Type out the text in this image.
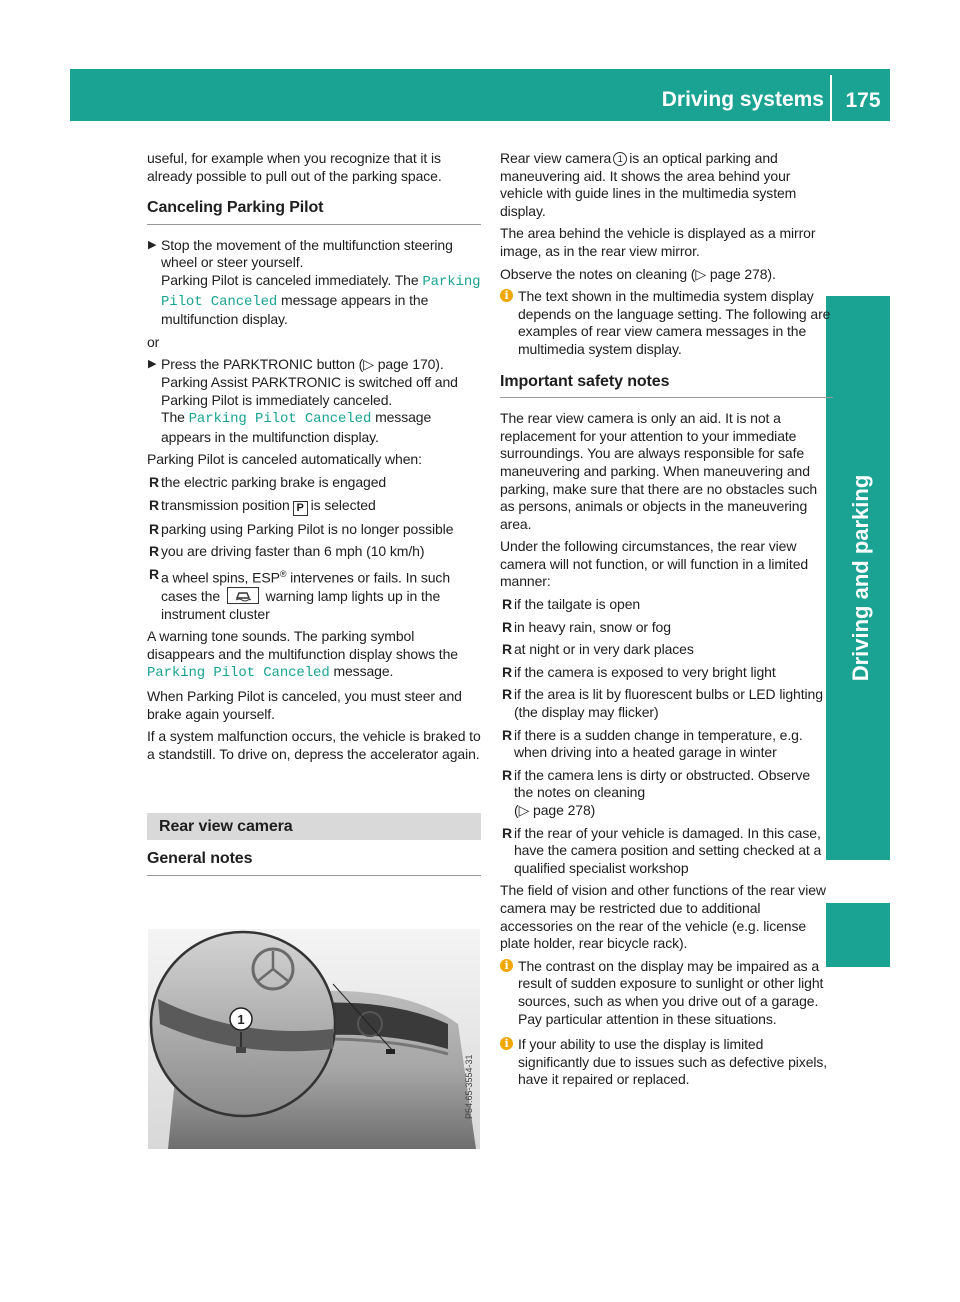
Driving systems	175
Driving and parking

useful, for example when you recognize that it is already possible to pull out of the parking space.

Canceling Parking Pilot
▶ Stop the movement of the multifunction steering wheel or steer yourself.
Parking Pilot is canceled immediately. The Parking Pilot Canceled message appears in the multifunction display.

or

▶ Press the PARKTRONIC button (▷ page 170).
Parking Assist PARKTRONIC is switched off and Parking Pilot is immediately canceled.
The Parking Pilot Canceled message appears in the multifunction display.

Parking Pilot is canceled automatically when:

R the electric parking brake is engaged
R transmission position P is selected
R parking using Parking Pilot is no longer possible
R you are driving faster than 6 mph (10 km/h)
R a wheel spins, ESP® intervenes or fails. In such cases the	warning lamp lights up in the instrument cluster

A warning tone sounds. The parking symbol disappears and the multifunction display shows the Parking Pilot Canceled message.

When Parking Pilot is canceled, you must steer and brake again yourself.

If a system malfunction occurs, the vehicle is braked to a standstill. To drive on, depress the accelerator again.

Rear view camera
General notes
1
P54.65-3554-31

Rear view camera 1 is an optical parking and maneuvering aid. It shows the area behind your vehicle with guide lines in the multimedia system display.

The area behind the vehicle is displayed as a mirror image, as in the rear view mirror.

Observe the notes on cleaning (▷ page 278).

i The text shown in the multimedia system display depends on the language setting. The following are examples of rear view camera messages in the multimedia system display.
Important safety notes

The rear view camera is only an aid. It is not a replacement for your attention to your immediate surroundings. You are always responsible for safe maneuvering and parking. When maneuvering and parking, make sure that there are no obstacles such as persons, animals or objects in the maneuvering area.

Under the following circumstances, the rear view camera will not function, or will function in a limited manner:

R if the tailgate is open
R in heavy rain, snow or fog
R at night or in very dark places
R if the camera is exposed to very bright light
R if the area is lit by fluorescent bulbs or LED lighting (the display may flicker)
R if there is a sudden change in temperature, e.g. when driving into a heated garage in winter
R if the camera lens is dirty or obstructed. Observe the notes on cleaning
(▷ page 278)
R if the rear of your vehicle is damaged. In this case, have the camera position and setting checked at a qualified specialist workshop

The field of vision and other functions of the rear view camera may be restricted due to additional accessories on the rear of the vehicle (e.g. license plate holder, rear bicycle rack).

i The contrast on the display may be impaired as a result of sudden exposure to sunlight or other light sources, such as when you drive out of a garage. Pay particular attention in these situations.
i If your ability to use the display is limited significantly due to issues such as defective pixels, have it repaired or replaced.
